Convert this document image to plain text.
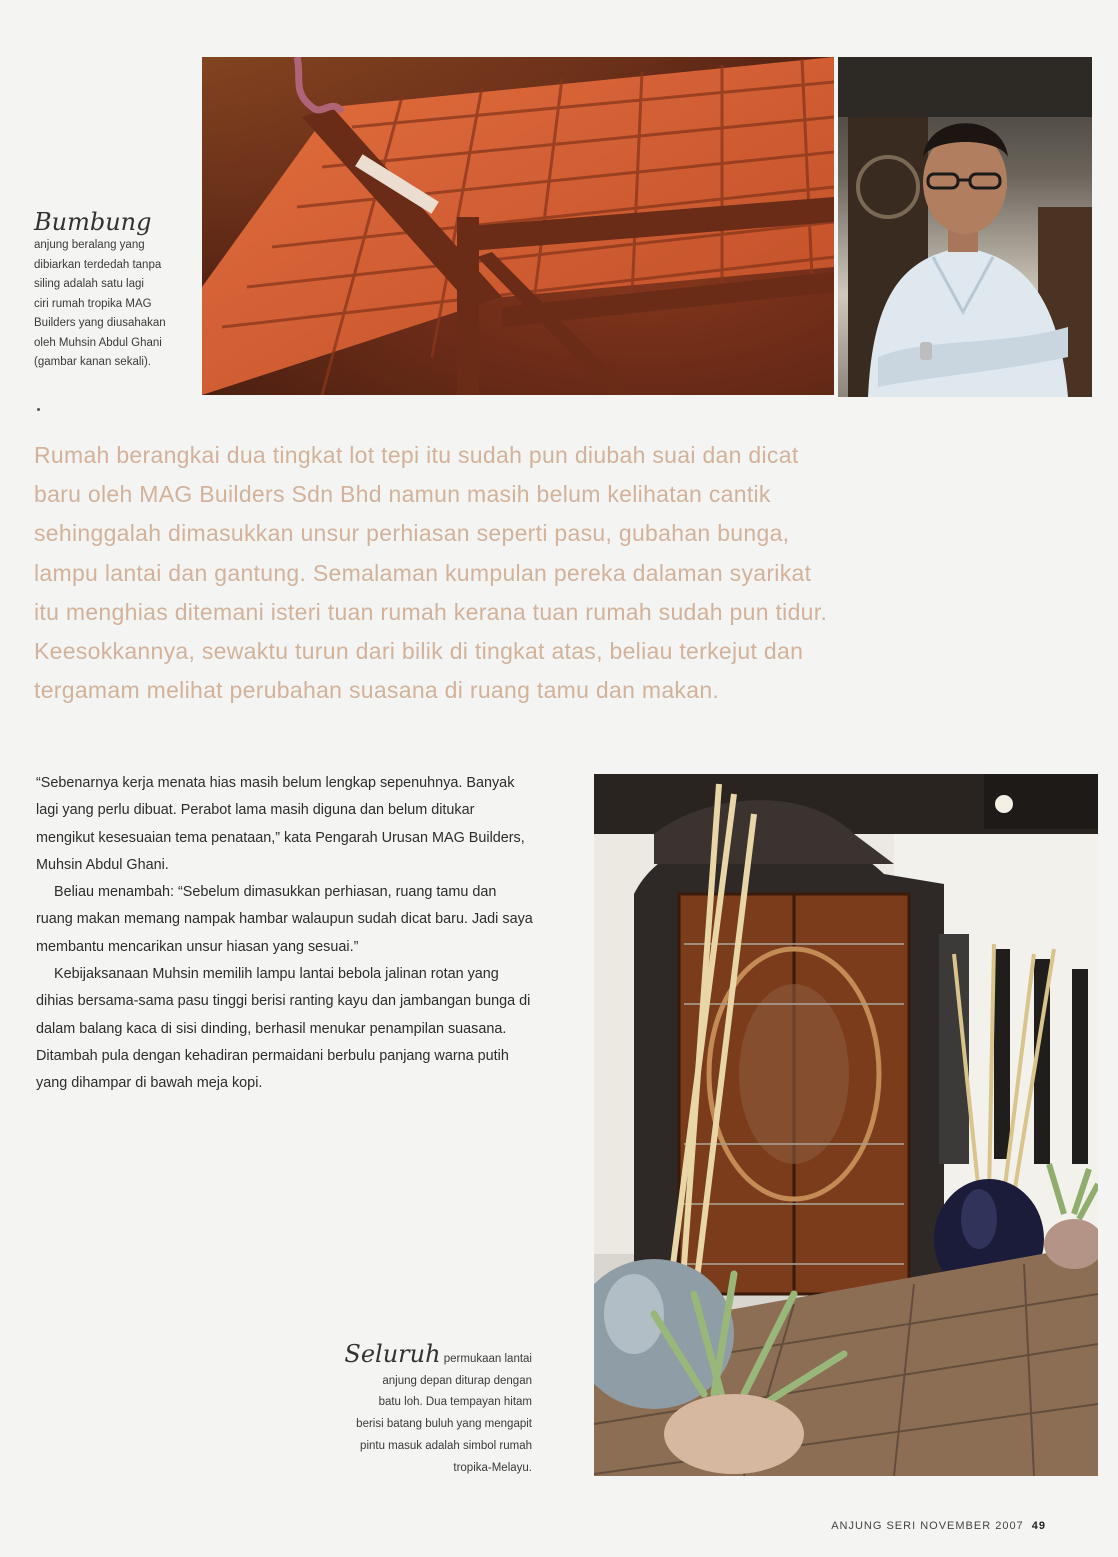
Bumbung
anjung beralang yang
dibiarkan terdedah tanpa
siling adalah satu lagi
ciri rumah tropika MAG
Builders yang diusahakan
oleh Muhsin Abdul Ghani
(gambar kanan sekali).
Rumah berangkai dua tingkat lot tepi itu sudah pun diubah suai dan dicat
baru oleh MAG Builders Sdn Bhd namun masih belum kelihatan cantik
sehinggalah dimasukkan unsur perhiasan seperti pasu, gubahan bunga,
lampu lantai dan gantung. Semalaman kumpulan pereka dalaman syarikat
itu menghias ditemani isteri tuan rumah kerana tuan rumah sudah pun tidur.
Keesokkannya, sewaktu turun dari bilik di tingkat atas, beliau terkejut dan
tergamam melihat perubahan suasana di ruang tamu dan makan.

“Sebenarnya kerja menata hias masih belum lengkap sepenuhnya. Banyak lagi yang perlu dibuat. Perabot lama masih diguna dan belum ditukar mengikut kesesuaian tema penataan,” kata Pengarah Urusan MAG Builders, Muhsin Abdul Ghani.

Beliau menambah: “Sebelum dimasukkan perhiasan, ruang tamu dan ruang makan memang nampak hambar walaupun sudah dicat baru. Jadi saya membantu mencarikan unsur hiasan yang sesuai.”

Kebijaksanaan Muhsin memilih lampu lantai bebola jalinan rotan yang dihias bersama-sama pasu tinggi berisi ranting kayu dan jambangan bunga di dalam balang kaca di sisi dinding, berhasil menukar penampilan suasana. Ditambah pula dengan kehadiran permaidani berbulu panjang warna putih yang dihampar di bawah meja kopi.

Seluruh permukaan lantai
anjung depan diturap dengan
batu loh. Dua tempayan hitam
berisi batang buluh yang mengapit
pintu masuk adalah simbol rumah
tropika-Melayu.
ANJUNG SERI NOVEMBER 2007 49
